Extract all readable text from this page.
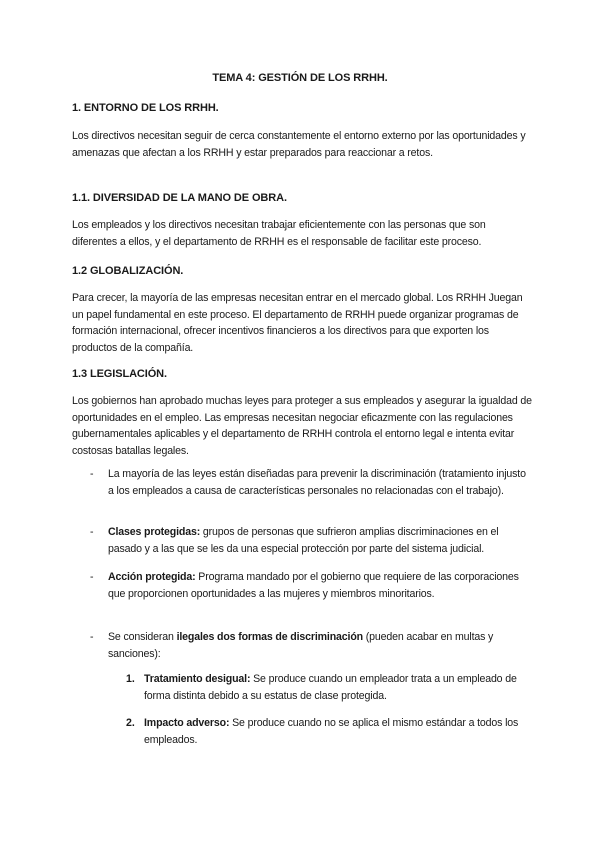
TEMA 4: GESTIÓN DE LOS RRHH.
1. ENTORNO DE LOS RRHH.
Los directivos necesitan seguir de cerca constantemente el entorno externo por las oportunidades y amenazas que afectan a los RRHH y estar preparados para reaccionar a retos.
1.1. DIVERSIDAD DE LA MANO DE OBRA.
Los empleados y los directivos necesitan trabajar eficientemente con las personas que son diferentes a ellos, y el departamento de RRHH es el responsable de facilitar este proceso.
1.2 GLOBALIZACIÓN.
Para crecer, la mayoría de las empresas necesitan entrar en el mercado global. Los RRHH Juegan un papel fundamental en este proceso. El departamento de RRHH puede organizar programas de formación internacional, ofrecer incentivos financieros a los directivos para que exporten los productos de la compañía.
1.3 LEGISLACIÓN.
Los gobiernos han aprobado muchas leyes para proteger a sus empleados y asegurar la igualdad de oportunidades en el empleo. Las empresas necesitan negociar eficazmente con las regulaciones gubernamentales aplicables y el departamento de RRHH controla el entorno legal e intenta evitar costosas batallas legales.
- La mayoría de las leyes están diseñadas para prevenir la discriminación (tratamiento injusto a los empleados a causa de características personales no relacionadas con el trabajo).
- Clases protegidas: grupos de personas que sufrieron amplias discriminaciones en el pasado y a las que se les da una especial protección por parte del sistema judicial.
- Acción protegida: Programa mandado por el gobierno que requiere de las corporaciones que proporcionen oportunidades a las mujeres y miembros minoritarios.
- Se consideran ilegales dos formas de discriminación (pueden acabar en multas y sanciones):
1. Tratamiento desigual: Se produce cuando un empleador trata a un empleado de forma distinta debido a su estatus de clase protegida.
2. Impacto adverso: Se produce cuando no se aplica el mismo estándar a todos los empleados.
